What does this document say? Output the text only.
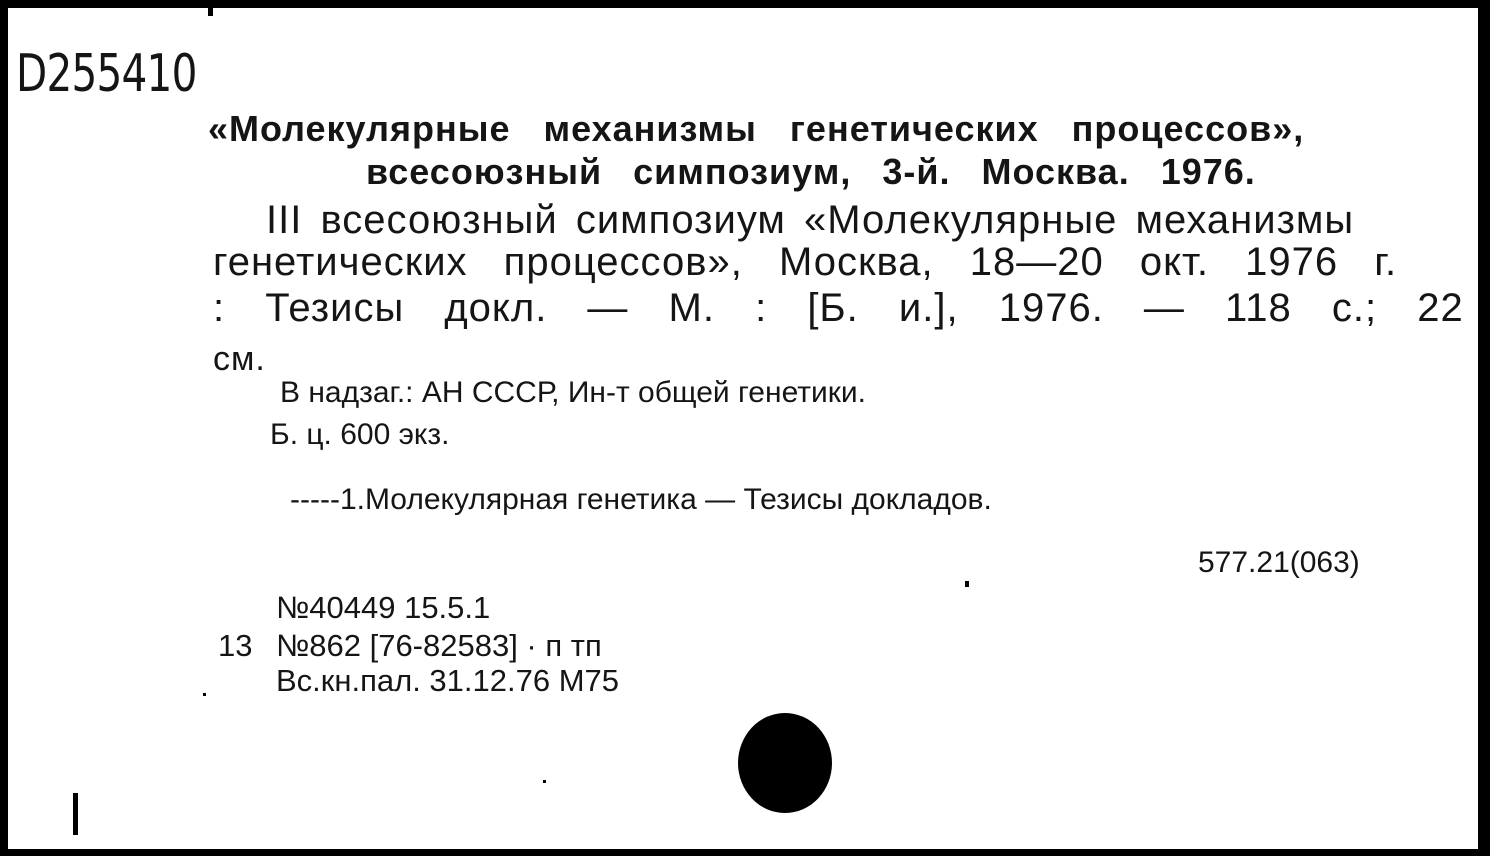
D255410
«Молекулярные механизмы генетических процессов»,
всесоюзный симпозиум, 3-й. Москва. 1976.
III всесоюзный симпозиум «Молекулярные механизмы
генетических процессов», Москва, 18—20 окт. 1976 г.
: Тезисы докл. — М. : [Б. и.], 1976. — 118 с.; 22
см.
В надзаг.: АН СССР, Ин-т общей генетики.
Б. ц. 600 экз.
-----1.Молекулярная генетика — Тезисы докладов.
577.21(063)
№40449 15.5.1
13 №862 [76-82583] · п тп
Вс.кн.пал. 31.12.76 М75
